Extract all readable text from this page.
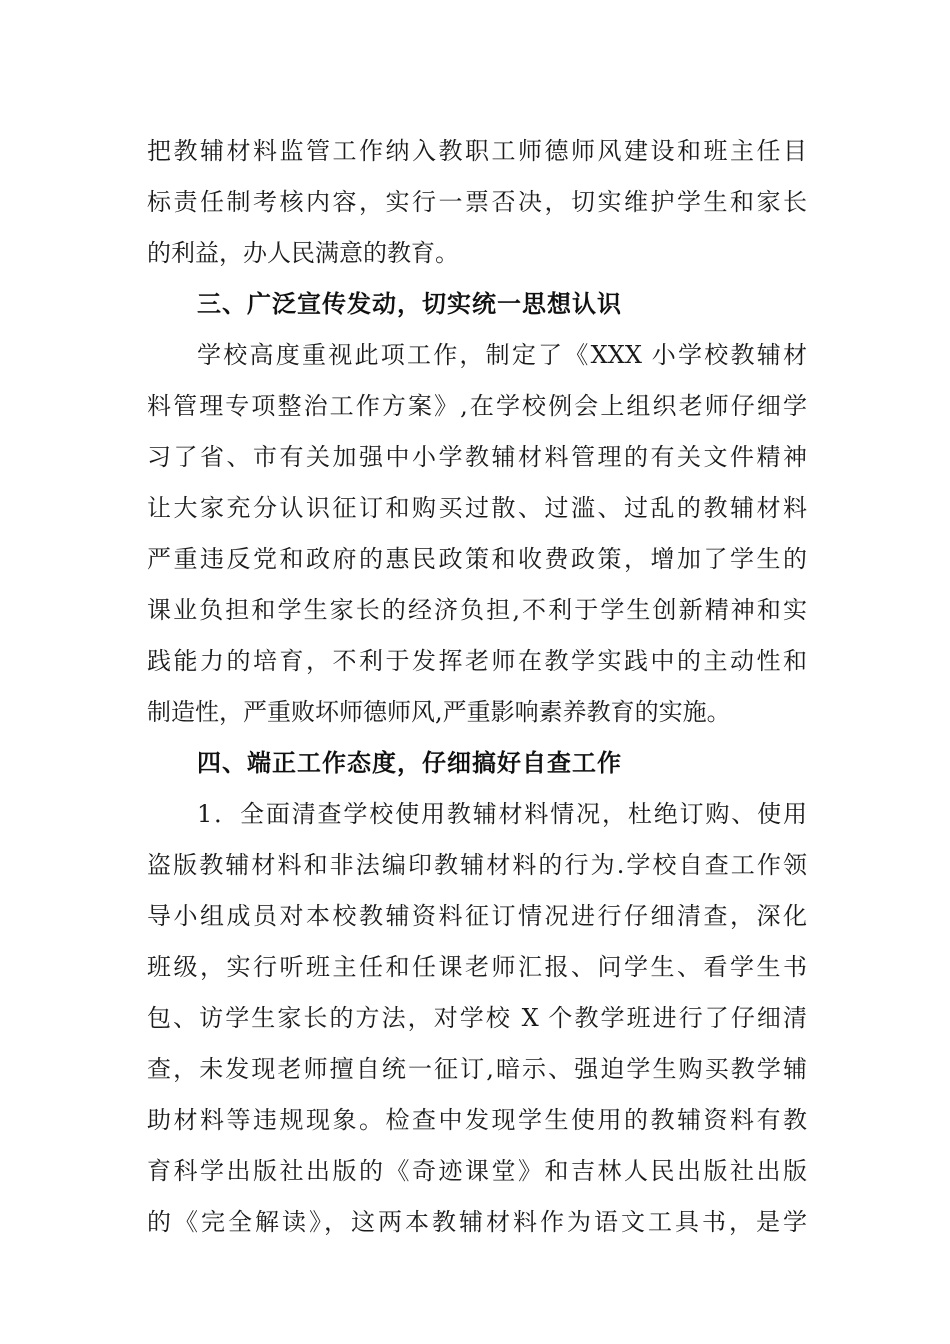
把教辅材料监管工作纳入教职工师德师风建设和班主任目
标责任制考核内容，实行一票否决，切实维护学生和家长
的利益，办人民满意的教育。
三、广泛宣传发动，切实统一思想认识
学校高度重视此项工作，制定了《XXX 小学校教辅材
料管理专项整治工作方案》,在学校例会上组织老师仔细学
习了省、市有关加强中小学教辅材料管理的有关文件精神
让大家充分认识征订和购买过散、过滥、过乱的教辅材料
严重违反党和政府的惠民政策和收费政策，增加了学生的
课业负担和学生家长的经济负担,不利于学生创新精神和实
践能力的培育，不利于发挥老师在教学实践中的主动性和
制造性，严重败坏师德师风,严重影响素养教育的实施。
四、端正工作态度，仔细搞好自查工作
1．全面清查学校使用教辅材料情况，杜绝订购、使用
盗版教辅材料和非法编印教辅材料的行为.学校自查工作领
导小组成员对本校教辅资料征订情况进行仔细清查，深化
班级，实行听班主任和任课老师汇报、问学生、看学生书
包、访学生家长的方法，对学校 X 个教学班进行了仔细清
查，未发现老师擅自统一征订,暗示、强迫学生购买教学辅
助材料等违规现象。检查中发现学生使用的教辅资料有教
育科学出版社出版的《奇迹课堂》和吉林人民出版社出版
的《完全解读》，这两本教辅材料作为语文工具书，是学
